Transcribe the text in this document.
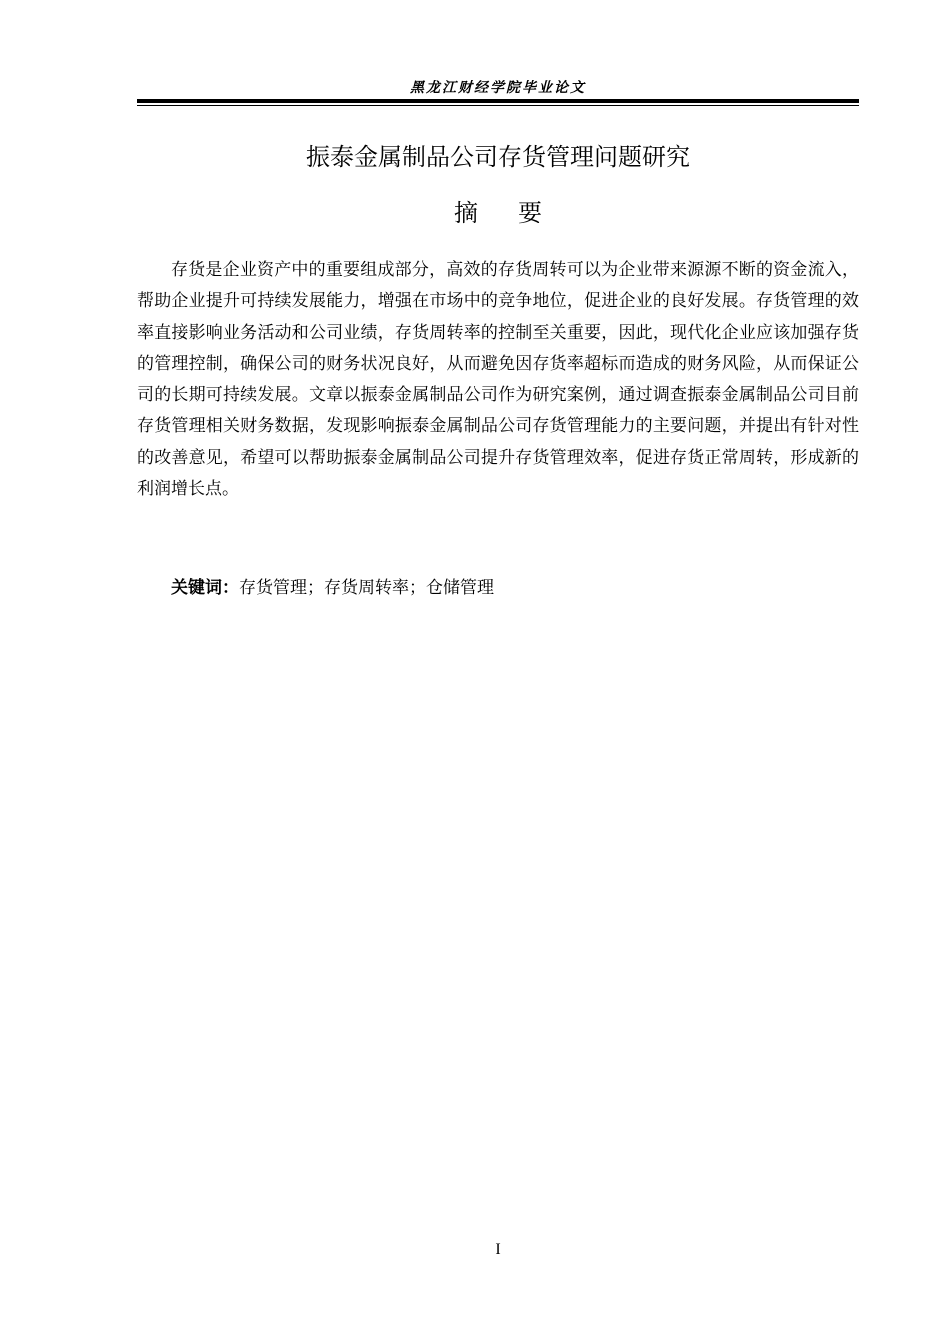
黑龙江财经学院毕业论文
振泰金属制品公司存货管理问题研究
摘要

存货是企业资产中的重要组成部分，高效的存货周转可以为企业带来源源不断的资金流入，帮助企业提升可持续发展能力，增强在市场中的竞争地位，促进企业的良好发展。存货管理的效率直接影响业务活动和公司业绩，存货周转率的控制至关重要，因此，现代化企业应该加强存货的管理控制，确保公司的财务状况良好，从而避免因存货率超标而造成的财务风险，从而保证公司的长期可持续发展。文章以振泰金属制品公司作为研究案例，通过调查振泰金属制品公司目前存货管理相关财务数据，发现影响振泰金属制品公司存货管理能力的主要问题，并提出有针对性的改善意见，希望可以帮助振泰金属制品公司提升存货管理效率，促进存货正常周转，形成新的利润增长点。

关键词：存货管理；存货周转率；仓储管理
I
